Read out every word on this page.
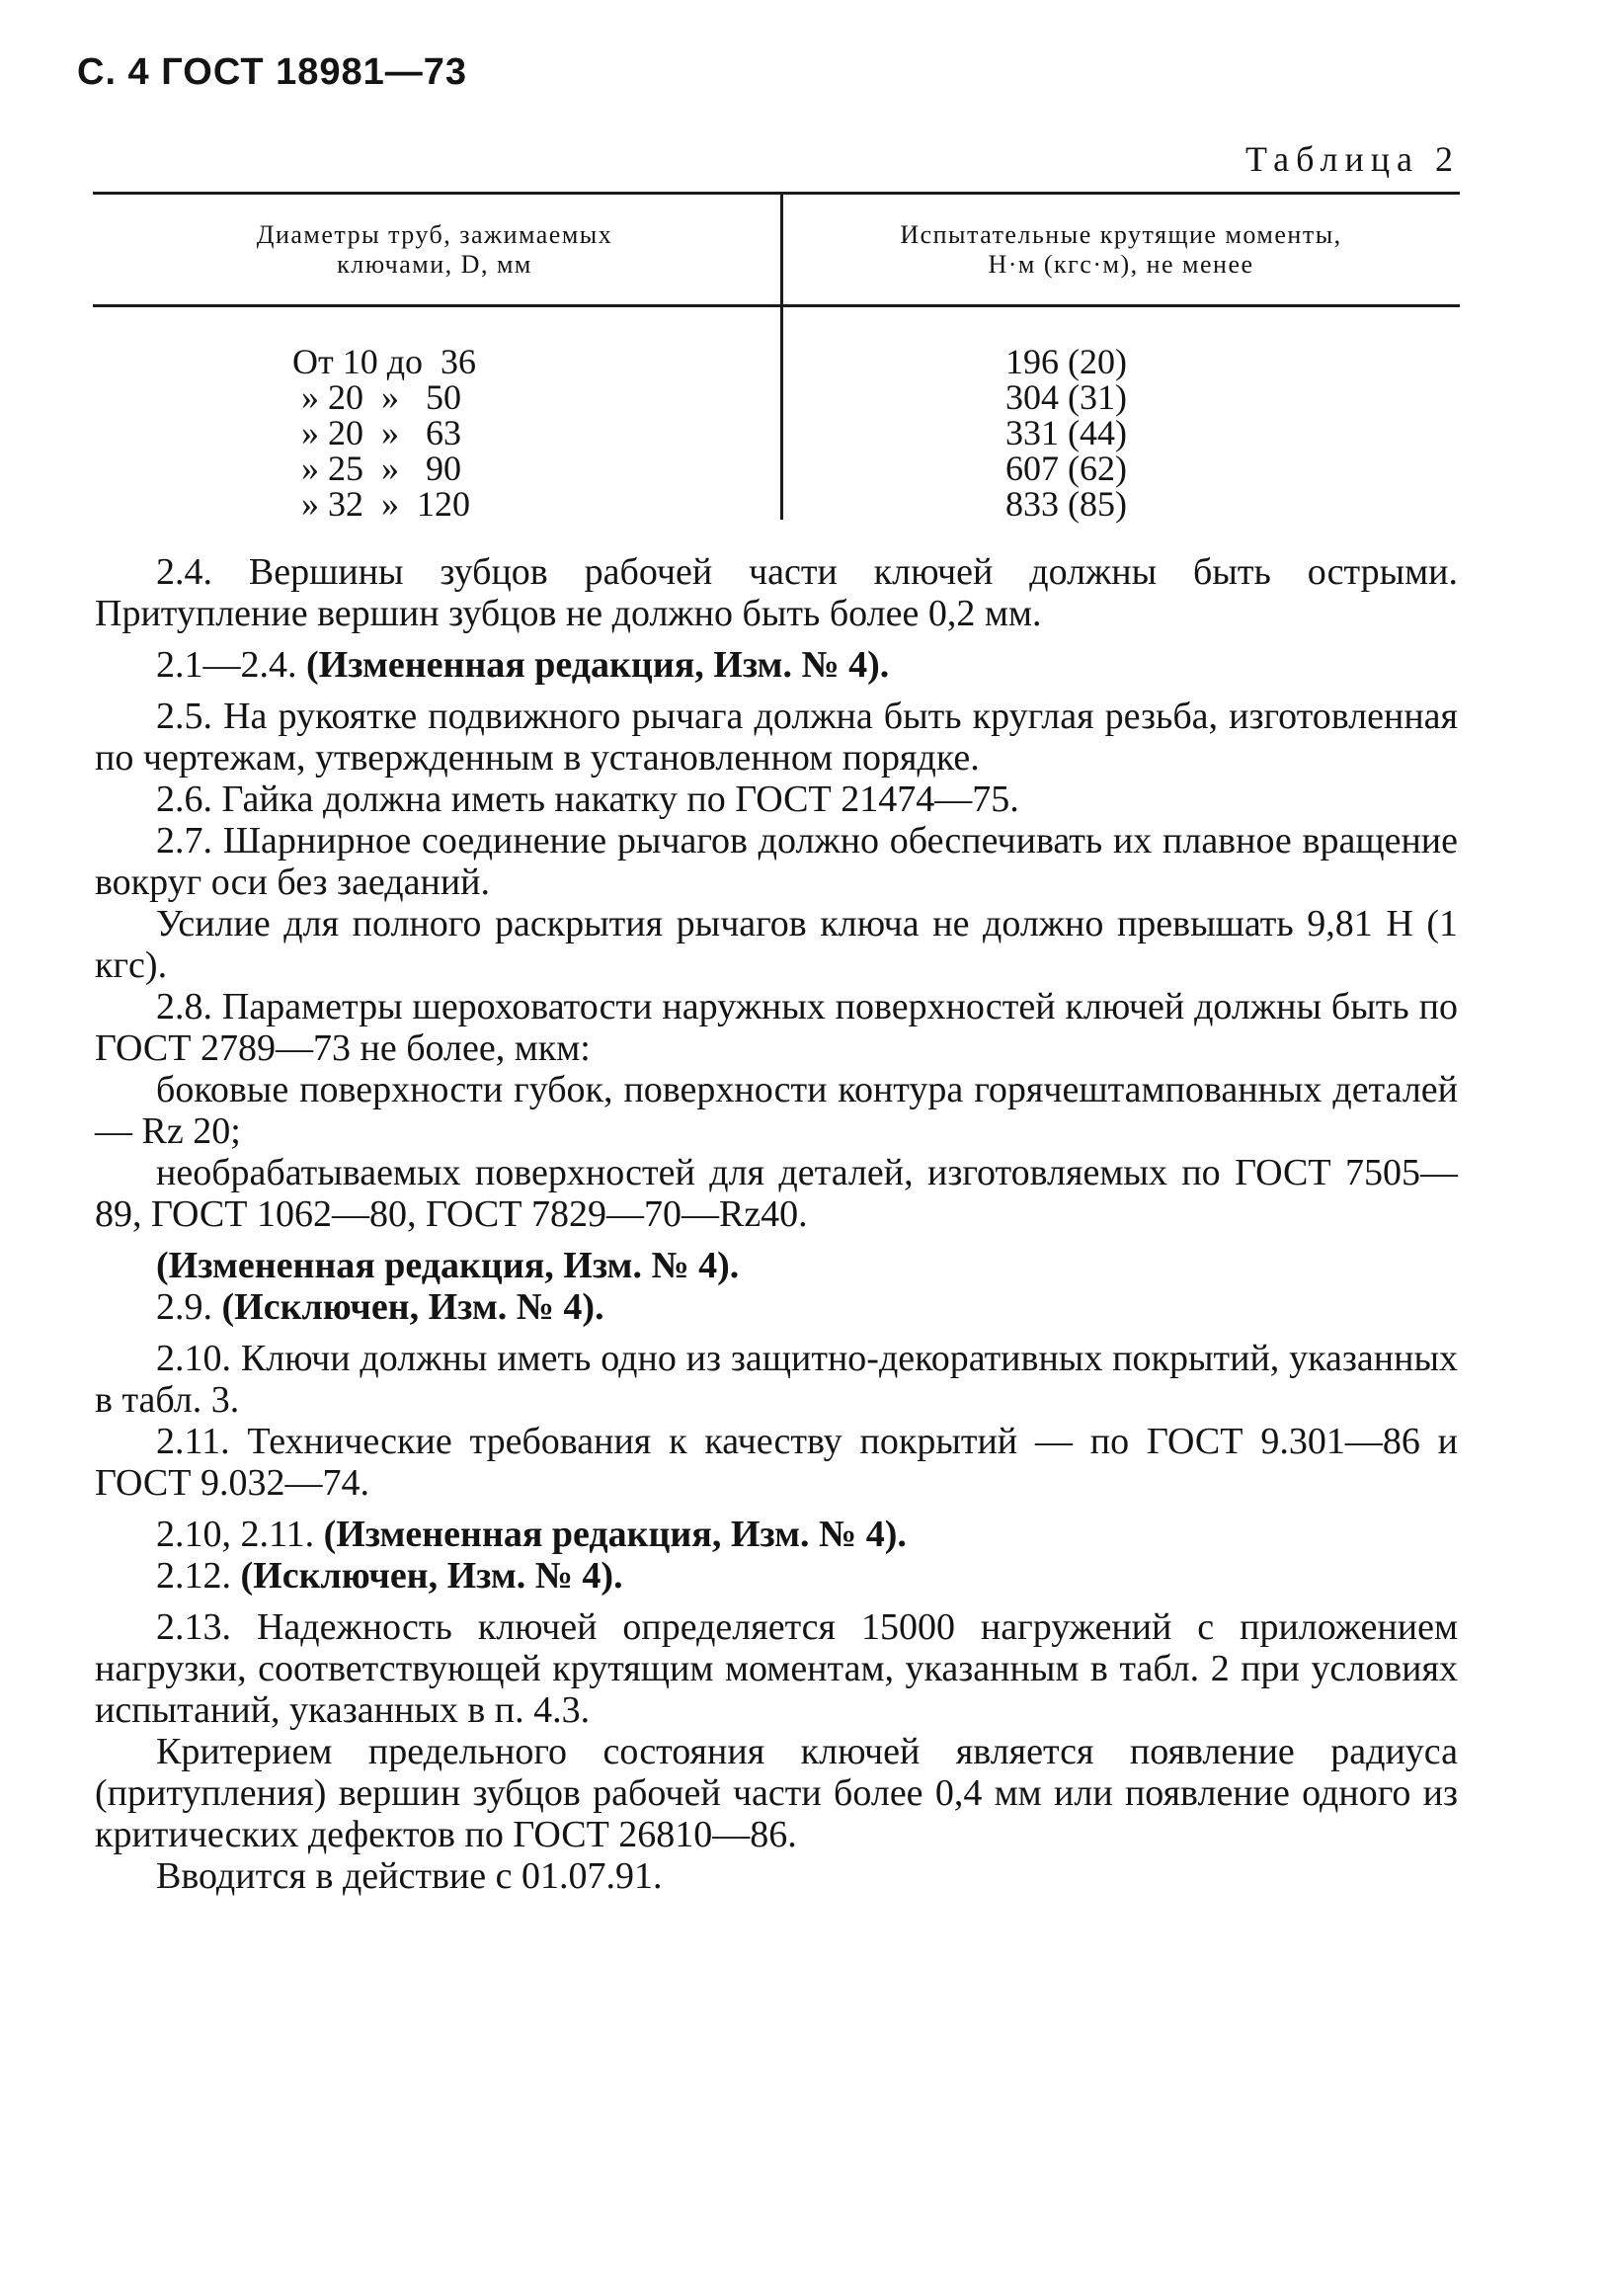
С. 4 ГОСТ 18981—73
Таблица 2
Диаметры труб, зажимаемых
ключами, D, мм
Испытательные крутящие моменты,
Н·м (кгс·м), не менее
От 10 до  36
» 20  »   50
» 20  »   63
» 25  »   90
» 32  »  120
196 (20)
304 (31)
331 (44)
607 (62)
833 (85)

2.4. Вершины зубцов рабочей части ключей должны быть острыми. Притупление вершин зубцов не должно быть более 0,2 мм.

2.1—2.4. (Измененная редакция, Изм. № 4).

2.5. На рукоятке подвижного рычага должна быть круглая резьба, изготовленная по чертежам, утвержденным в установленном порядке.

2.6. Гайка должна иметь накатку по ГОСТ 21474—75.

2.7. Шарнирное соединение рычагов должно обеспечивать их плавное вращение вокруг оси без заеданий.

Усилие для полного раскрытия рычагов ключа не должно превышать 9,81 Н (1 кгс).

2.8. Параметры шероховатости наружных поверхностей ключей должны быть по ГОСТ 2789—73 не более, мкм:

боковые поверхности губок, поверхности контура горячештампованных деталей — Rz 20;

необрабатываемых поверхностей для деталей, изготовляемых по ГОСТ 7505—89, ГОСТ 1062—80, ГОСТ 7829—70—Rz40.

(Измененная редакция, Изм. № 4).

2.9. (Исключен, Изм. № 4).

2.10. Ключи должны иметь одно из защитно-декоративных покрытий, указанных в табл. 3.

2.11. Технические требования к качеству покрытий — по ГОСТ 9.301—86 и ГОСТ 9.032—74.

2.10, 2.11. (Измененная редакция, Изм. № 4).

2.12. (Исключен, Изм. № 4).

2.13. Надежность ключей определяется 15000 нагружений с приложением нагрузки, соответствующей крутящим моментам, указанным в табл. 2 при условиях испытаний, указанных в п. 4.3.

Критерием предельного состояния ключей является появление радиуса (притупления) вершин зубцов рабочей части более 0,4 мм или появление одного из критических дефектов по ГОСТ 26810—86.

Вводится в действие с 01.07.91.
